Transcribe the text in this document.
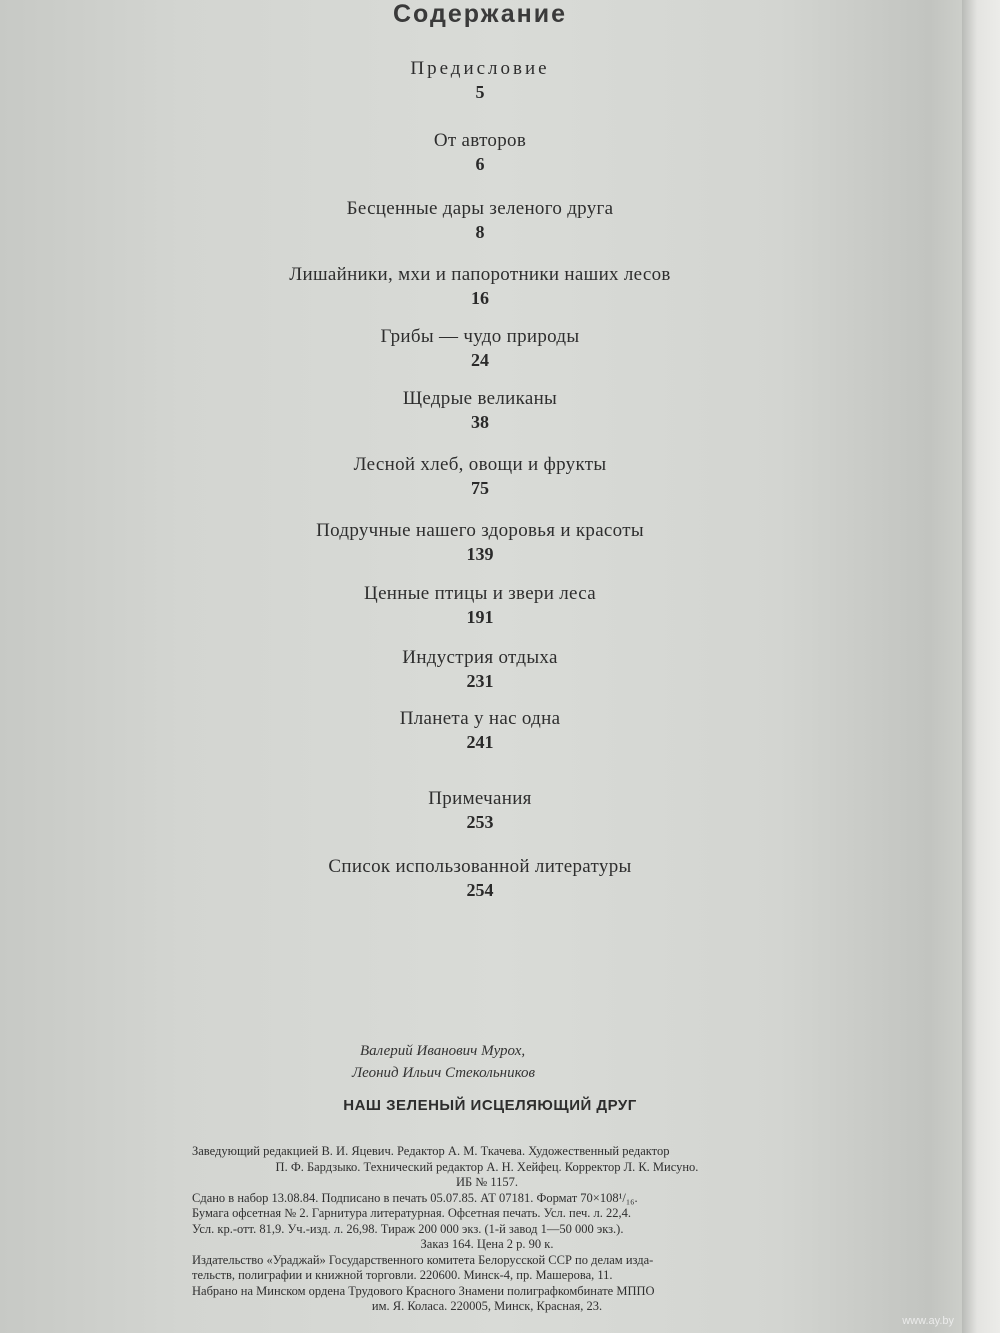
Содержание
Предисловие
5
От авторов
6
Бесценные дары зеленого друга
8
Лишайники, мхи и папоротники наших лесов
16
Грибы — чудо природы
24
Щедрые великаны
38
Лесной хлеб, овощи и фрукты
75
Подручные нашего здоровья и красоты
139
Ценные птицы и звери леса
191
Индустрия отдыха
231
Планета у нас одна
241
Примечания
253
Список использованной литературы
254
Валерий Иванович Мурох,
Леонид Ильич Стекольников
НАШ ЗЕЛЕНЫЙ ИСЦЕЛЯЮЩИЙ ДРУГ
Заведующий редакцией В. И. Яцевич. Редактор А. М. Ткачева. Художественный редактор
П. Ф. Бардзыко. Технический редактор А. Н. Хейфец. Корректор Л. К. Мисуно.
ИБ № 1157.
Сдано в набор 13.08.84. Подписано в печать 05.07.85. АТ 07181. Формат 70×108¹/₁₆.
Бумага офсетная № 2. Гарнитура литературная. Офсетная печать. Усл. печ. л. 22,4.
Усл. кр.-отт. 81,9. Уч.-изд. л. 26,98. Тираж 200 000 экз. (1-й завод 1—50 000 экз.).
Заказ 164. Цена 2 р. 90 к.
Издательство «Ураджай» Государственного комитета Белорусской ССР по делам изда-
тельств, полиграфии и книжной торговли. 220600. Минск-4, пр. Машерова, 11.
Набрано на Минском ордена Трудового Красного Знамени полиграфкомбинате МППО
им. Я. Коласа. 220005, Минск, Красная, 23.
www.ay.by
